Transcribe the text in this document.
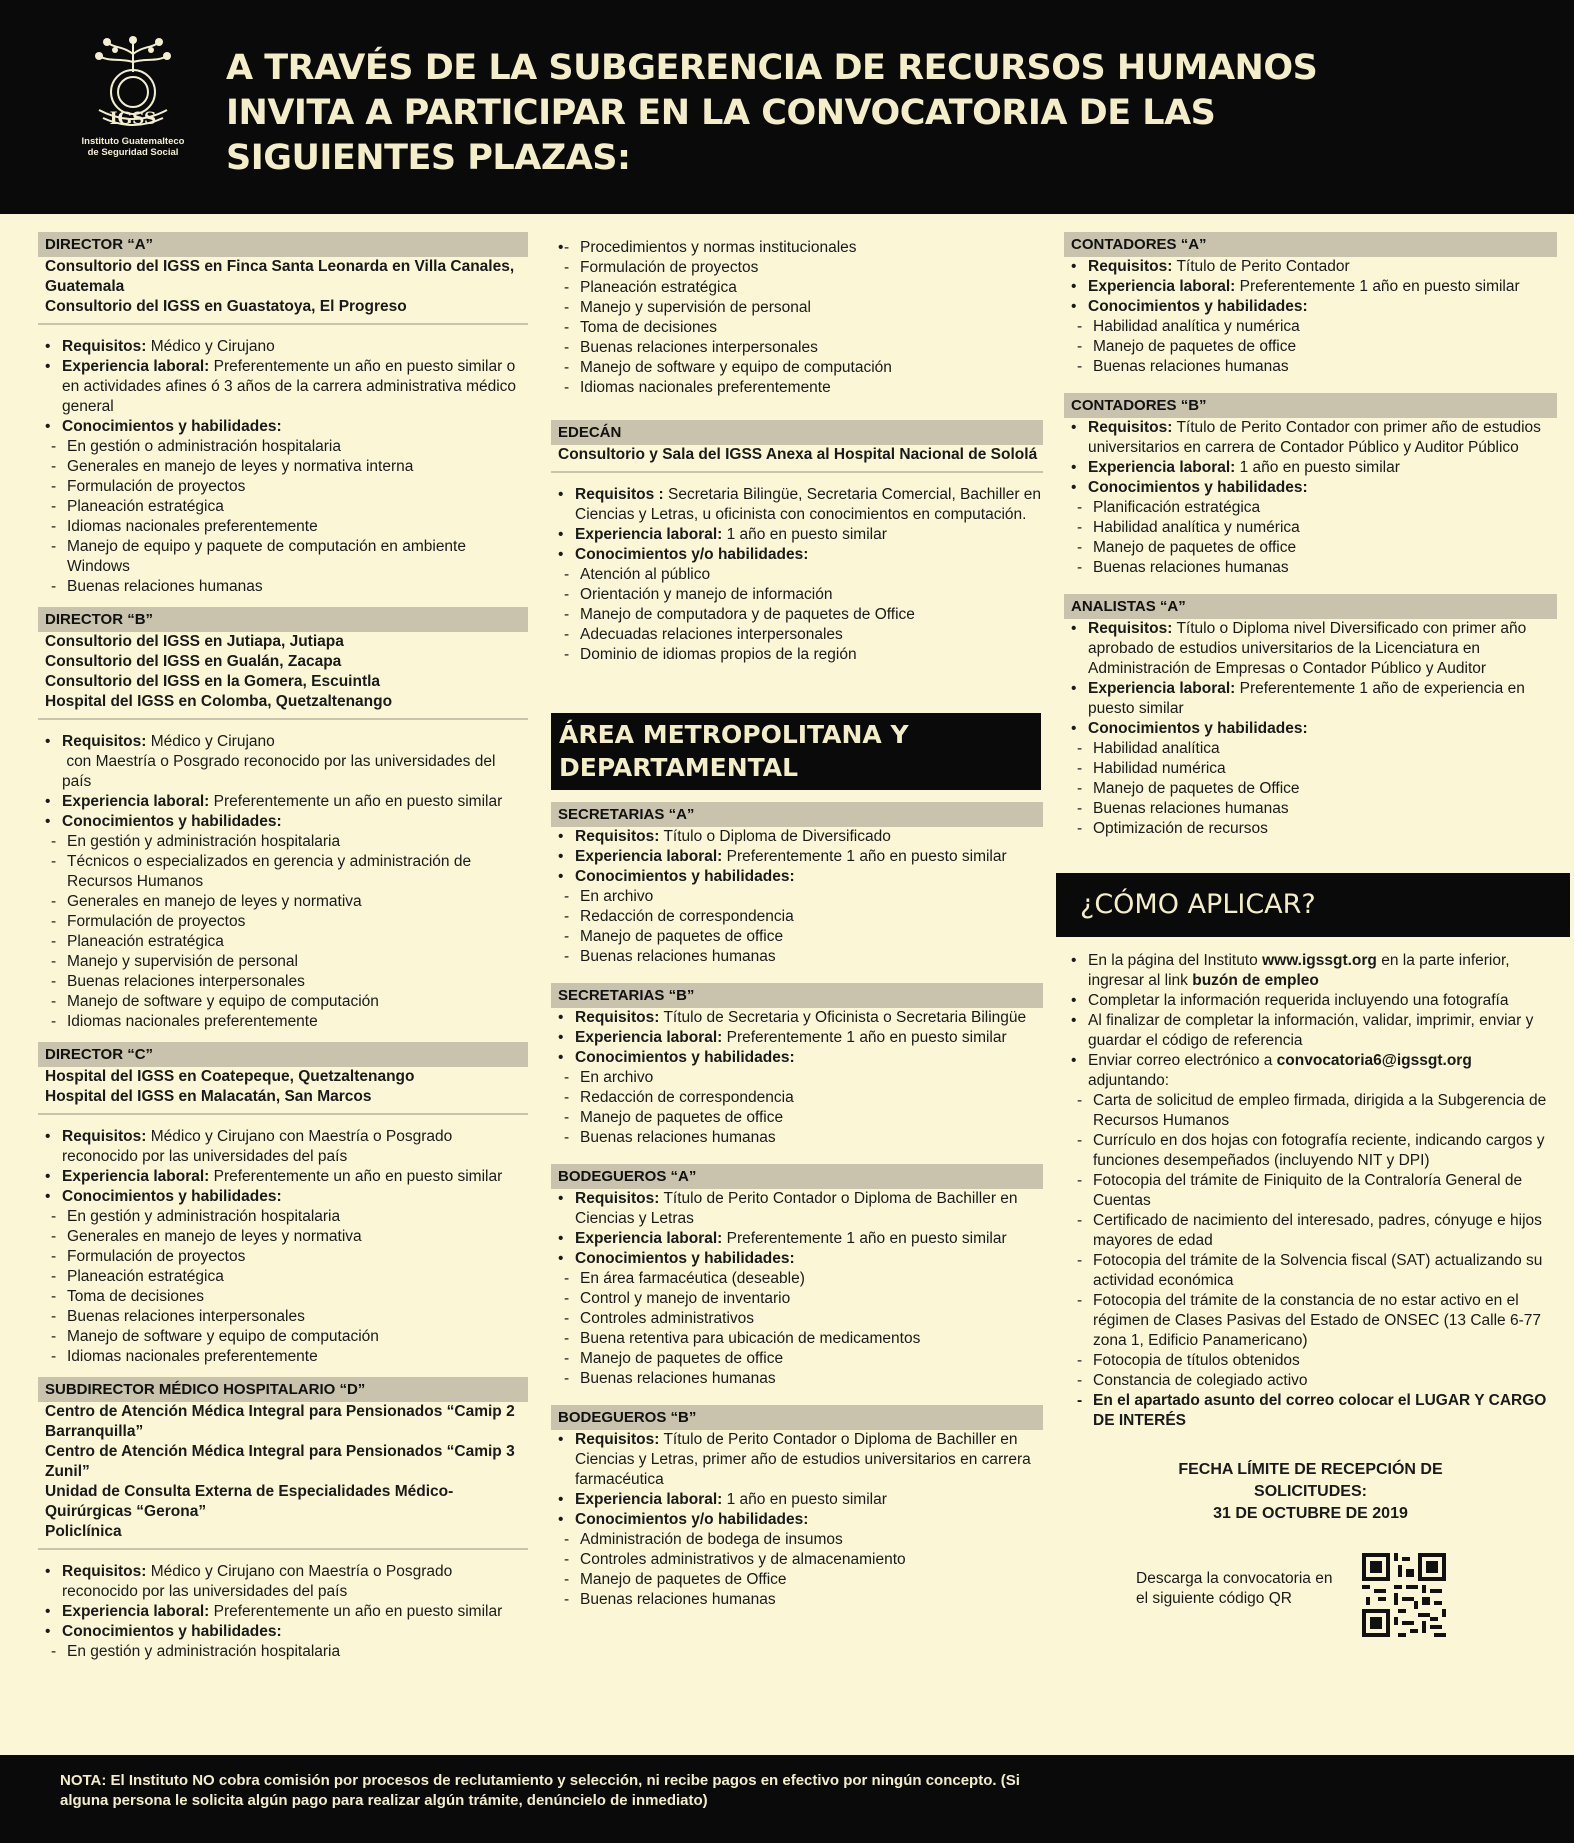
IGSS
Instituto Guatemalteco
de Seguridad Social
A TRAVÉS DE LA SUBGERENCIA DE RECURSOS HUMANOS INVITA A PARTICIPAR EN LA CONVOCATORIA DE LAS SIGUIENTES PLAZAS:
DIRECTOR “A”
Consultorio del IGSS en Finca Santa Leonarda en Villa Canales, Guatemala
Consultorio del IGSS en Guastatoya, El Progreso
• Requisitos: Médico y Cirujano
• Experiencia laboral: Preferentemente un año en puesto similar o en actividades afines ó 3 años de la carrera administrativa médico general
• Conocimientos y habilidades:
- En gestión o administración hospitalaria
- Generales en manejo de leyes y normativa interna
- Formulación de proyectos
- Planeación estratégica
- Idiomas nacionales preferentemente
- Manejo de equipo y paquete de computación en ambiente Windows
- Buenas relaciones humanas
DIRECTOR “B”
Consultorio del IGSS en Jutiapa, Jutiapa
Consultorio del IGSS en Gualán, Zacapa
Consultorio del IGSS en la Gomera, Escuintla
Hospital del IGSS en Colomba, Quetzaltenango
• Requisitos: Médico y Cirujano
con Maestría o Posgrado reconocido por las universidades del país
• Experiencia laboral: Preferentemente un año en puesto similar
• Conocimientos y habilidades:
- En gestión y administración hospitalaria
- Técnicos o especializados en gerencia y administración de Recursos Humanos
- Generales en manejo de leyes y normativa
- Formulación de proyectos
- Planeación estratégica
- Manejo y supervisión de personal
- Buenas relaciones interpersonales
- Manejo de software y equipo de computación
- Idiomas nacionales preferentemente
DIRECTOR “C”
Hospital del IGSS en Coatepeque, Quetzaltenango
Hospital del IGSS en Malacatán, San Marcos
• Requisitos: Médico y Cirujano con Maestría o Posgrado reconocido por las universidades del país
• Experiencia laboral: Preferentemente un año en puesto similar
• Conocimientos y habilidades:
- En gestión y administración hospitalaria
- Generales en manejo de leyes y normativa
- Formulación de proyectos
- Planeación estratégica
- Toma de decisiones
- Buenas relaciones interpersonales
- Manejo de software y equipo de computación
- Idiomas nacionales preferentemente
SUBDIRECTOR MÉDICO HOSPITALARIO “D”
Centro de Atención Médica Integral para Pensionados “Camip 2 Barranquilla”
Centro de Atención Médica Integral para Pensionados “Camip 3 Zunil”
Unidad de Consulta Externa de Especialidades Médico-Quirúrgicas “Gerona”
Policlínica
• Requisitos: Médico y Cirujano con Maestría o Posgrado reconocido por las universidades del país
• Experiencia laboral: Preferentemente un año en puesto similar
• Conocimientos y habilidades:
- En gestión y administración hospitalaria
- • Procedimientos y normas institucionales
- Formulación de proyectos
- Planeación estratégica
- Manejo y supervisión de personal
- Toma de decisiones
- Buenas relaciones interpersonales
- Manejo de software y equipo de computación
- Idiomas nacionales preferentemente
EDECÁN
Consultorio y Sala del IGSS Anexa al Hospital Nacional de Sololá
• Requisitos : Secretaria Bilingüe, Secretaria Comercial, Bachiller en Ciencias y Letras, u oficinista con conocimientos en computación.
• Experiencia laboral: 1 año en puesto similar
• Conocimientos y/o habilidades:
- Atención al público
- Orientación y manejo de información
- Manejo de computadora y de paquetes de Office
- Adecuadas relaciones interpersonales
- Dominio de idiomas propios de la región
ÁREA METROPOLITANA Y DEPARTAMENTAL
SECRETARIAS “A”
• Requisitos: Título o Diploma de Diversificado
• Experiencia laboral: Preferentemente 1 año en puesto similar
• Conocimientos y habilidades:
- En archivo
- Redacción de correspondencia
- Manejo de paquetes de office
- Buenas relaciones humanas
SECRETARIAS “B”
• Requisitos: Título de Secretaria y Oficinista o Secretaria Bilingüe
• Experiencia laboral: Preferentemente 1 año en puesto similar
• Conocimientos y habilidades:
- En archivo
- Redacción de correspondencia
- Manejo de paquetes de office
- Buenas relaciones humanas
BODEGUEROS “A”
• Requisitos: Título de Perito Contador o Diploma de Bachiller en Ciencias y Letras
• Experiencia laboral: Preferentemente 1 año en puesto similar
• Conocimientos y habilidades:
- En área farmacéutica (deseable)
- Control y manejo de inventario
- Controles administrativos
- Buena retentiva para ubicación de medicamentos
- Manejo de paquetes de office
- Buenas relaciones humanas
BODEGUEROS “B”
• Requisitos: Título de Perito Contador o Diploma de Bachiller en Ciencias y Letras, primer año de estudios universitarios en carrera farmacéutica
• Experiencia laboral: 1 año en puesto similar
• Conocimientos y/o habilidades:
- Administración de bodega de insumos
- Controles administrativos y de almacenamiento
- Manejo de paquetes de Office
- Buenas relaciones humanas
CONTADORES “A”
• Requisitos: Título de Perito Contador
• Experiencia laboral: Preferentemente 1 año en puesto similar
• Conocimientos y habilidades:
- Habilidad analítica y numérica
- Manejo de paquetes de office
- Buenas relaciones humanas
CONTADORES “B”
• Requisitos: Título de Perito Contador con primer año de estudios universitarios en carrera de Contador Público y Auditor Público
• Experiencia laboral: 1 año en puesto similar
• Conocimientos y habilidades:
- Planificación estratégica
- Habilidad analítica y numérica
- Manejo de paquetes de office
- Buenas relaciones humanas
ANALISTAS “A”
• Requisitos: Título o Diploma nivel Diversificado con primer año aprobado de estudios universitarios de la Licenciatura en Administración de Empresas o Contador Público y Auditor
• Experiencia laboral: Preferentemente 1 año de experiencia en puesto similar
• Conocimientos y habilidades:
- Habilidad analítica
- Habilidad numérica
- Manejo de paquetes de Office
- Buenas relaciones humanas
- Optimización de recursos
¿CÓMO APLICAR?
• En la página del Instituto www.igssgt.org en la parte inferior, ingresar al link buzón de empleo
• Completar la información requerida incluyendo una fotografía
• Al finalizar de completar la información, validar, imprimir, enviar y guardar el código de referencia
• Enviar correo electrónico a convocatoria6@igssgt.org adjuntando:
- Carta de solicitud de empleo firmada, dirigida a la Subgerencia de Recursos Humanos
- Currículo en dos hojas con fotografía reciente, indicando cargos y funciones desempeñados (incluyendo NIT y DPI)
- Fotocopia del trámite de Finiquito de la Contraloría General de Cuentas
- Certificado de nacimiento del interesado, padres, cónyuge e hijos mayores de edad
- Fotocopia del trámite de la Solvencia fiscal (SAT) actualizando su actividad económica
- Fotocopia del trámite de la constancia de no estar activo en el régimen de Clases Pasivas del Estado de ONSEC (13 Calle 6-77 zona 1, Edificio Panamericano)
- Fotocopia de títulos obtenidos
- Constancia de colegiado activo
- En el apartado asunto del correo colocar el LUGAR Y CARGO DE INTERÉS
FECHA LÍMITE DE RECEPCIÓN DE SOLICITUDES:
31 DE OCTUBRE DE 2019
Descarga la convocatoria en el siguiente código QR
NOTA: El Instituto NO cobra comisión por procesos de reclutamiento y selección, ni recibe pagos en efectivo por ningún concepto. (Si alguna persona le solicita algún pago para realizar algún trámite, denúncielo de inmediato)
